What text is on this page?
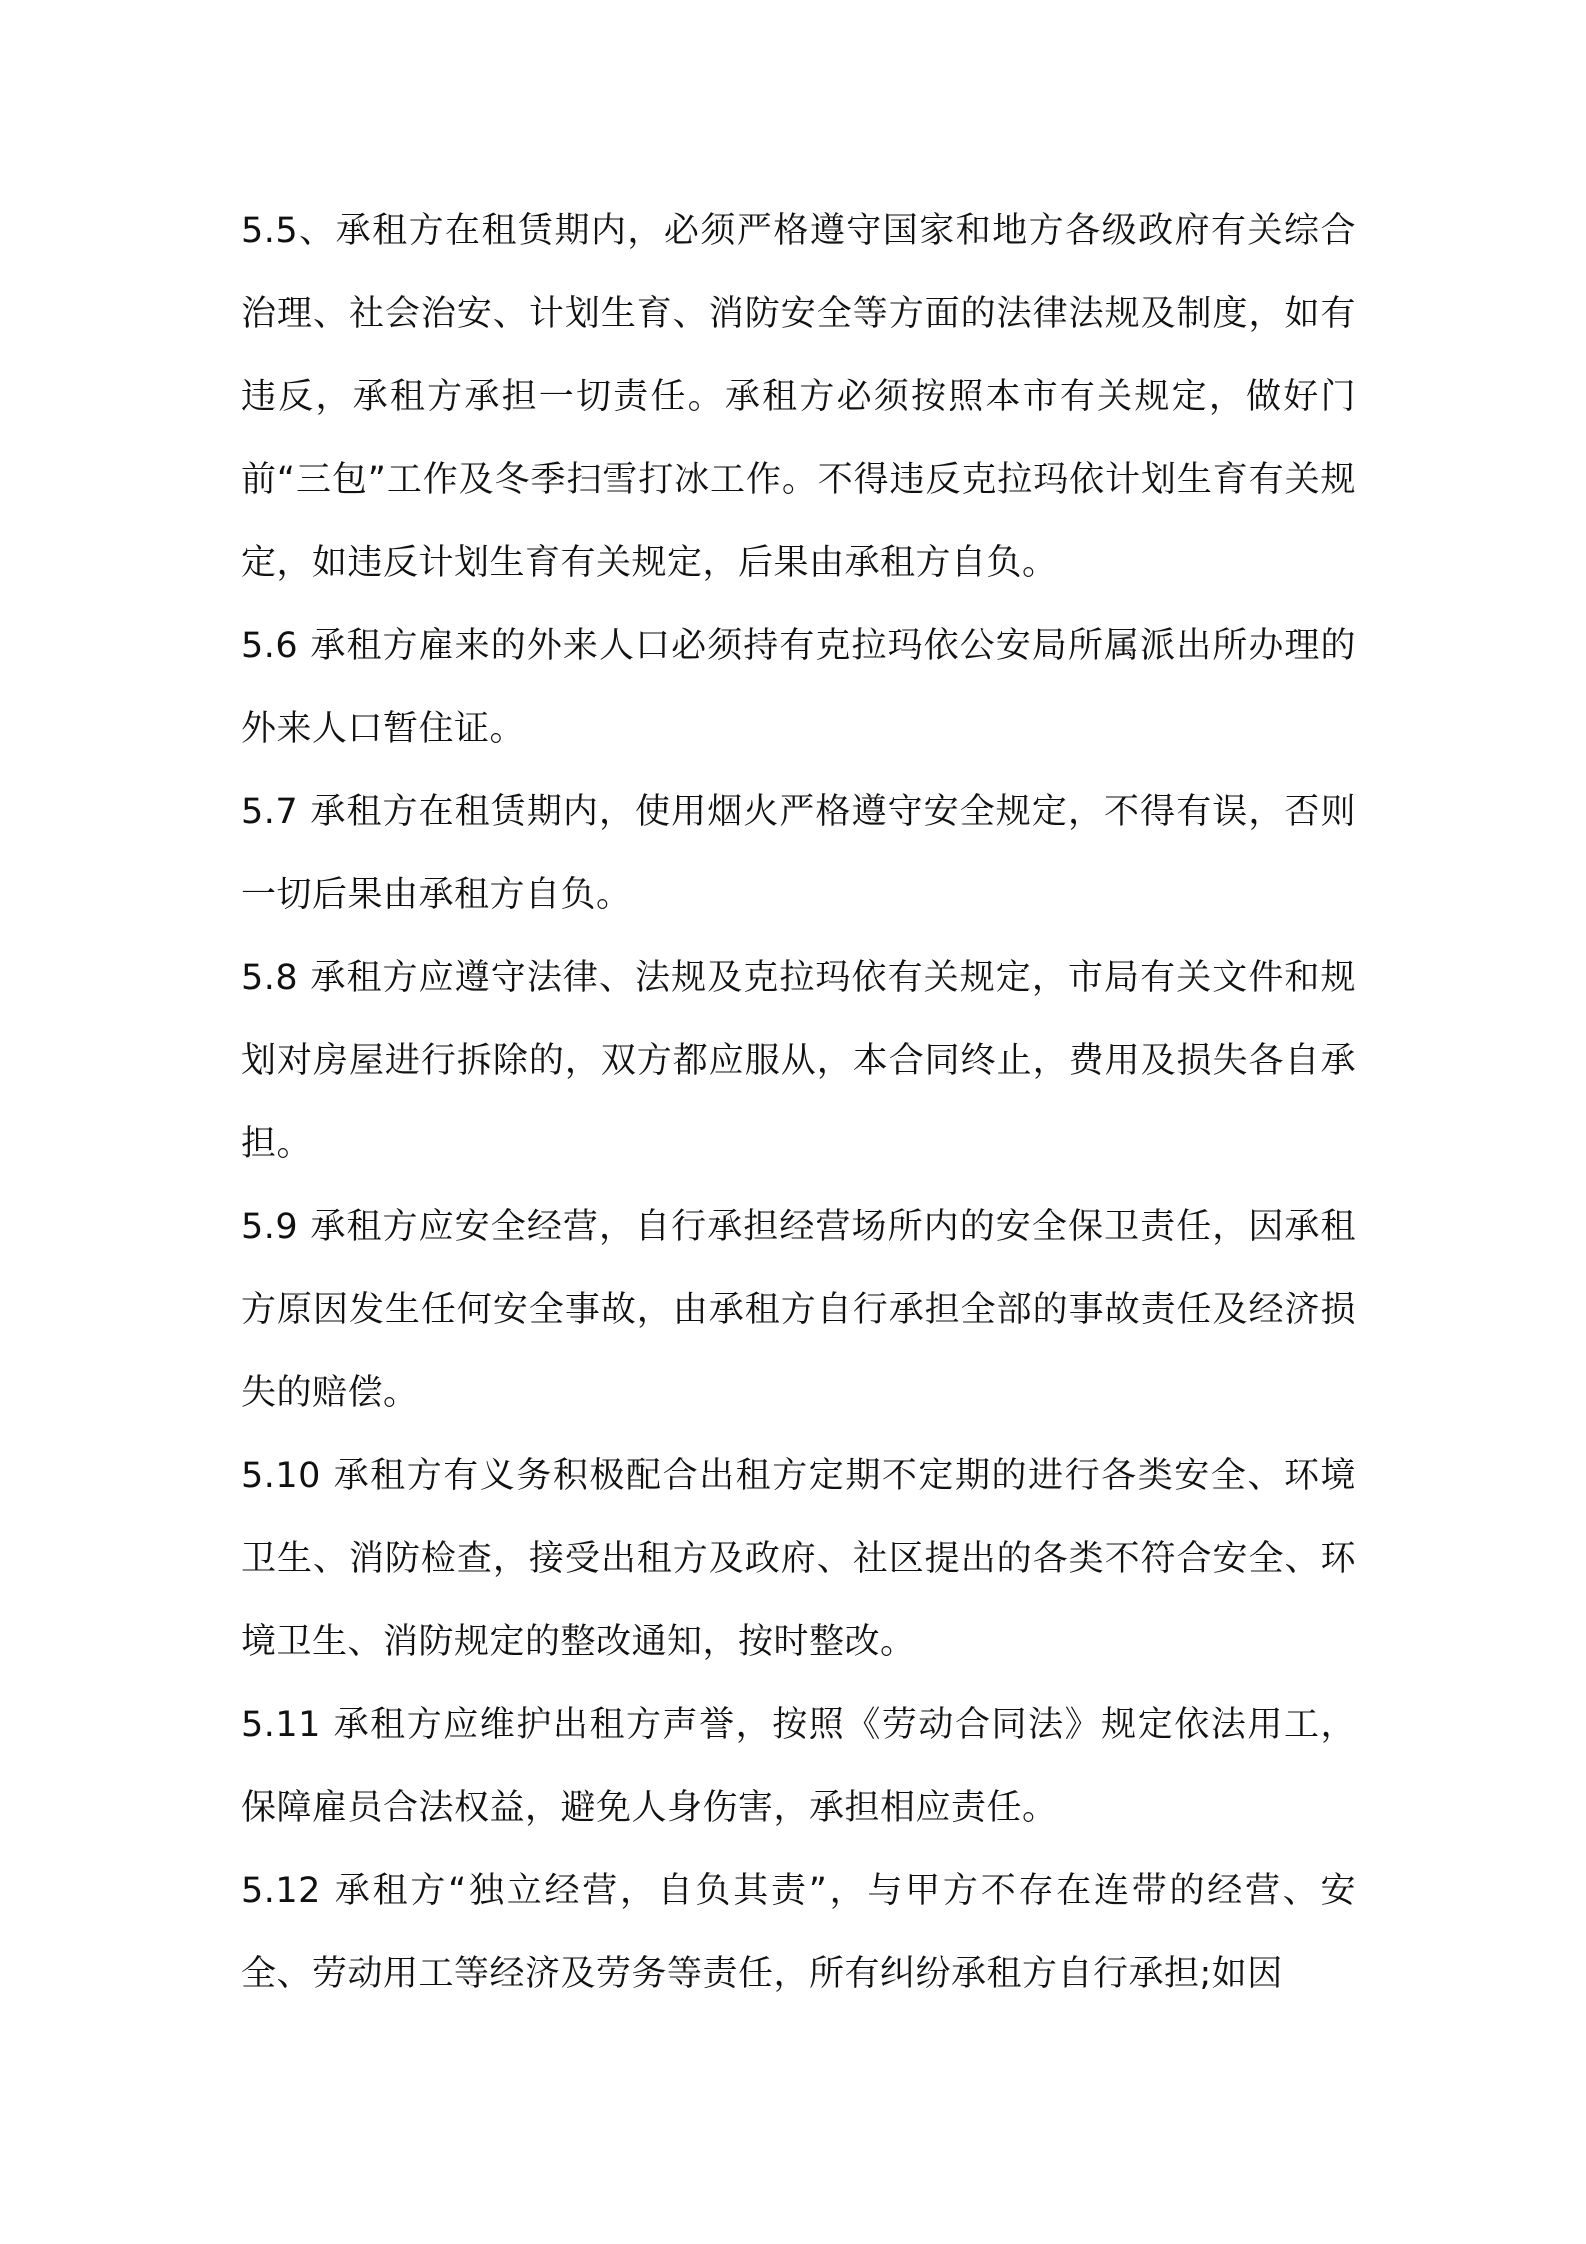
5.5、承租方在租赁期内，必须严格遵守国家和地方各级政府有关综合治理、社会治安、计划生育、消防安全等方面的法律法规及制度，如有违反，承租方承担一切责任。承租方必须按照本市有关规定，做好门前“三包”工作及冬季扫雪打冰工作。不得违反克拉玛依计划生育有关规定，如违反计划生育有关规定，后果由承租方自负。

5.6 承租方雇来的外来人口必须持有克拉玛依公安局所属派出所办理的外来人口暂住证。

5.7 承租方在租赁期内，使用烟火严格遵守安全规定，不得有误，否则一切后果由承租方自负。

5.8 承租方应遵守法律、法规及克拉玛依有关规定，市局有关文件和规划对房屋进行拆除的，双方都应服从，本合同终止，费用及损失各自承担。

5.9 承租方应安全经营，自行承担经营场所内的安全保卫责任，因承租方原因发生任何安全事故，由承租方自行承担全部的事故责任及经济损失的赔偿。

5.10 承租方有义务积极配合出租方定期不定期的进行各类安全、环境卫生、消防检查，接受出租方及政府、社区提出的各类不符合安全、环境卫生、消防规定的整改通知，按时整改。

5.11 承租方应维护出租方声誉，按照《劳动合同法》规定依法用工，保障雇员合法权益，避免人身伤害，承担相应责任。

5.12 承租方“独立经营，自负其责”，与甲方不存在连带的经营、安全、劳动用工等经济及劳务等责任，所有纠纷承租方自行承担;如因
